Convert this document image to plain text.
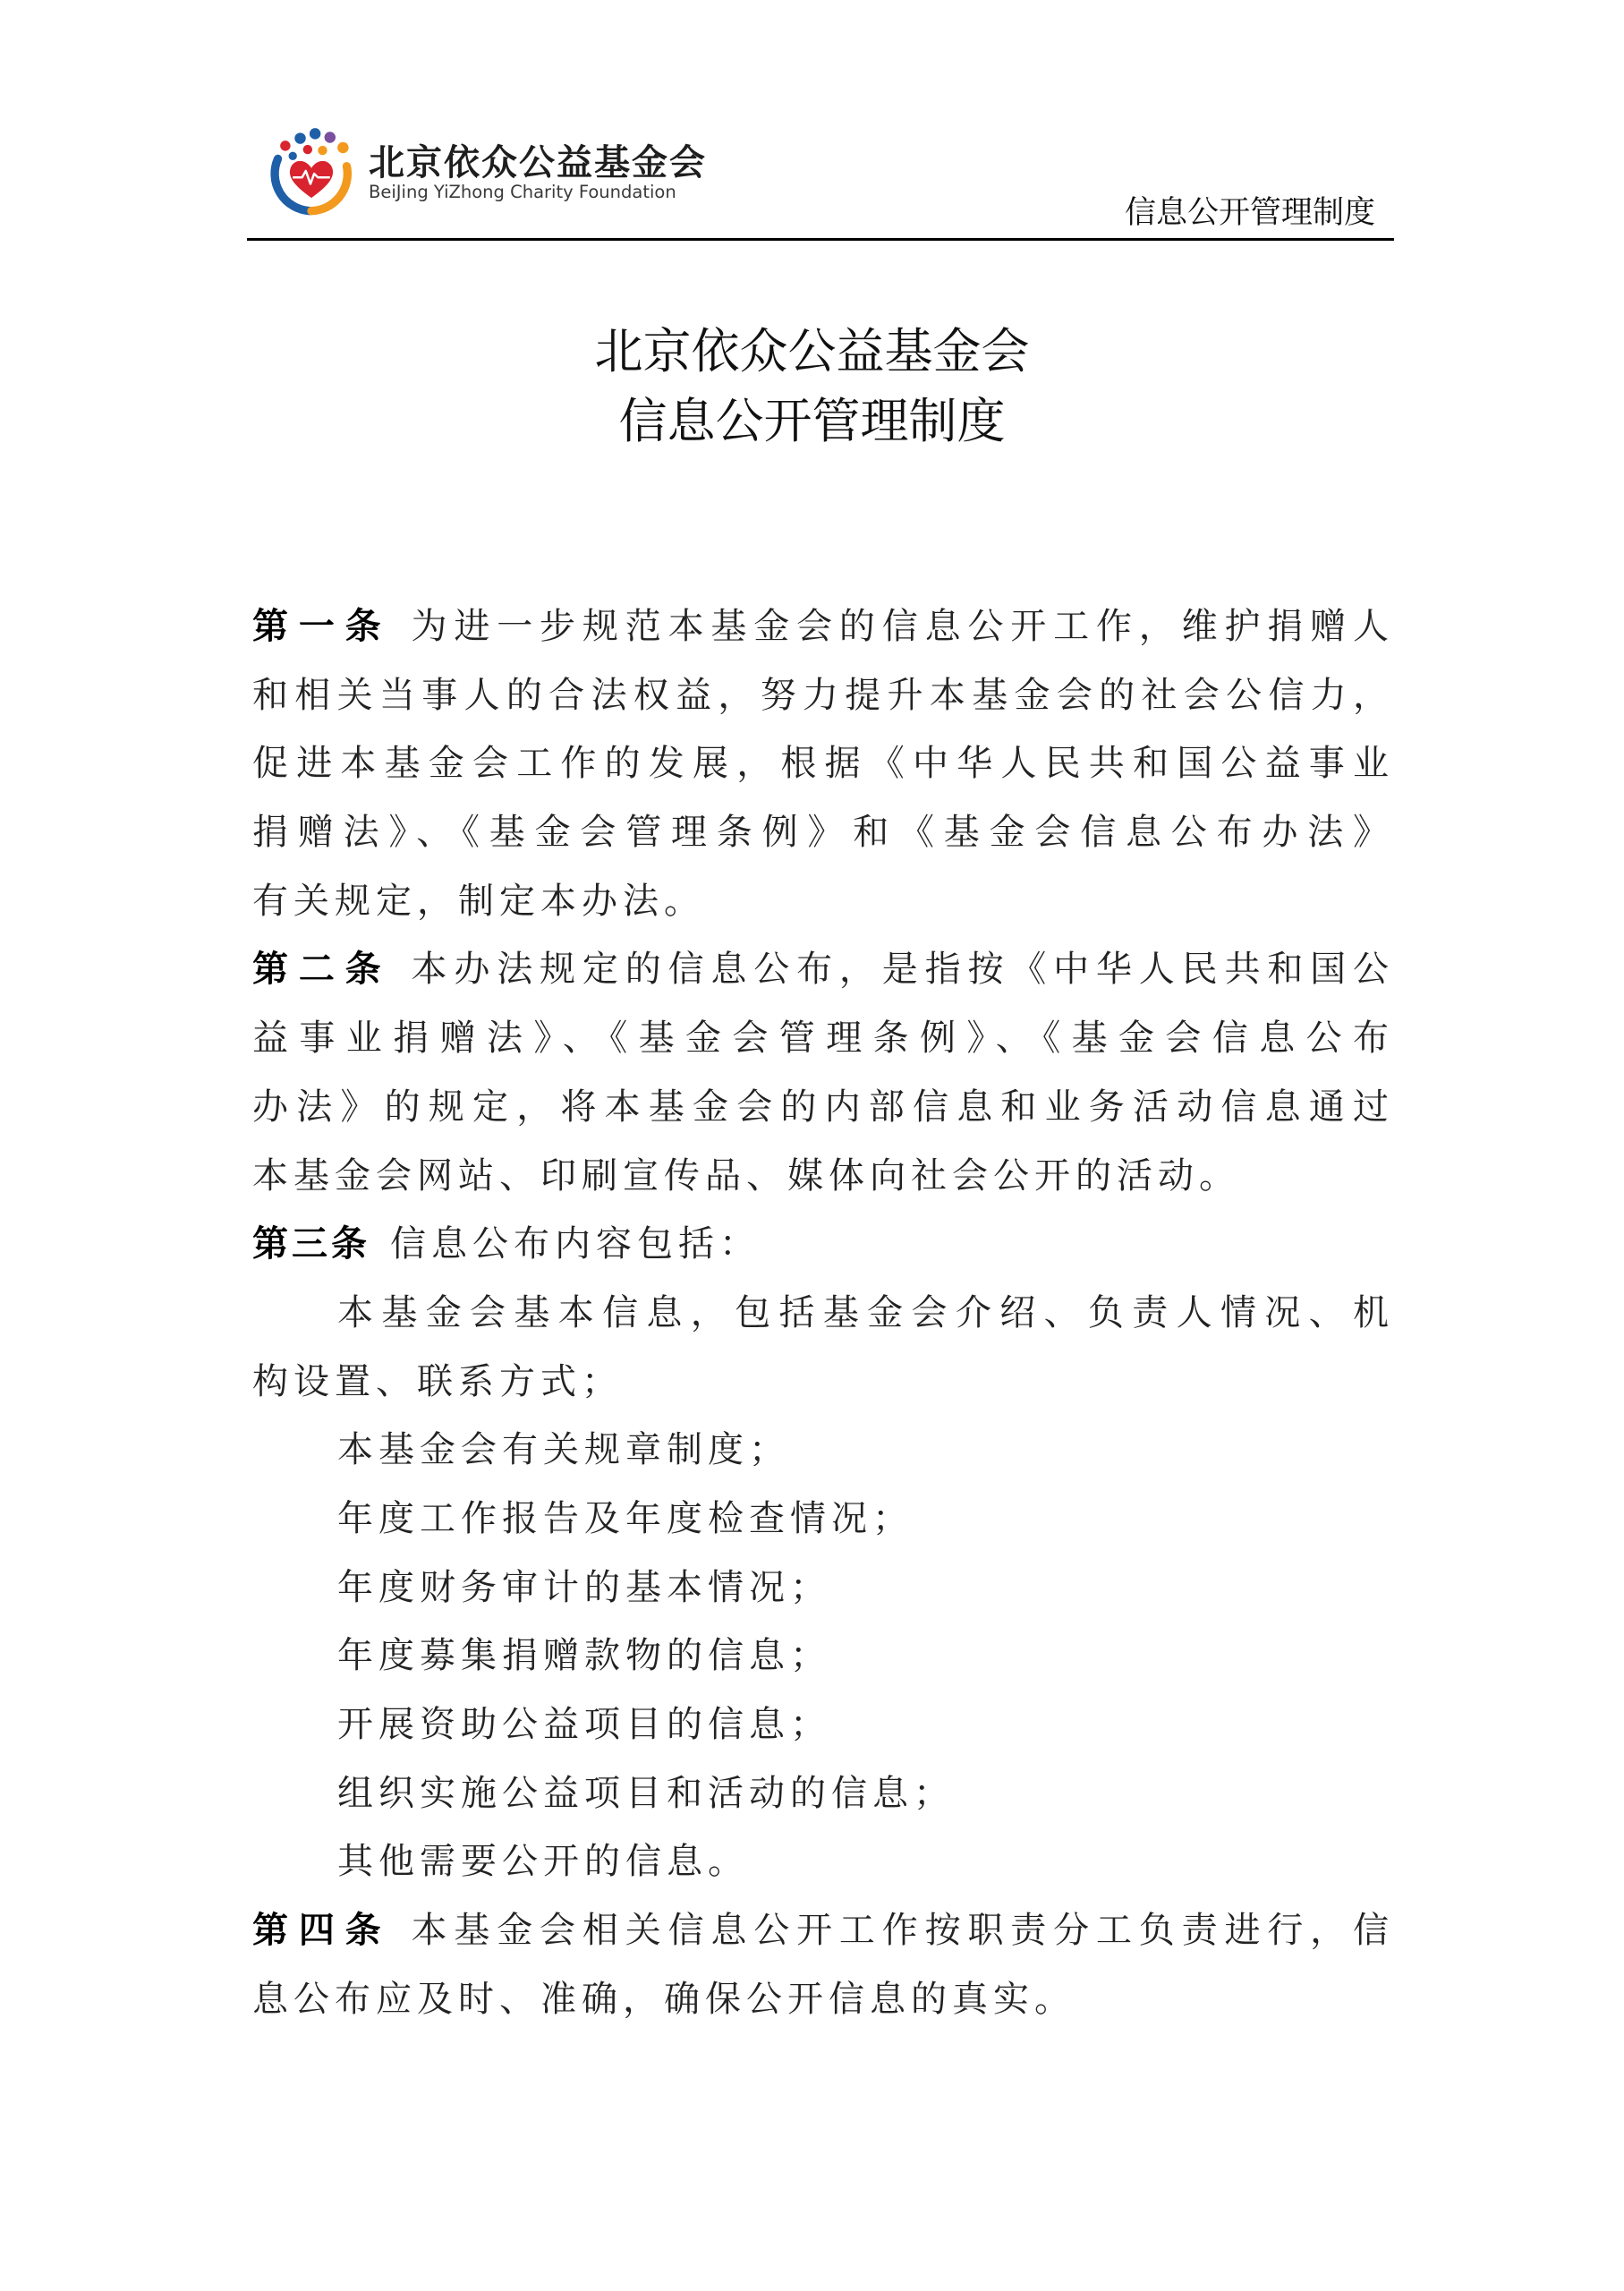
北京依众公益基金会
BeiJing YiZhong Charity Foundation
信息公开管理制度
北京依众公益基金会
信息公开管理制度
第一条 为进一步规范本基金会的信息公开工作，维护捐赠人
和相关当事人的合法权益，努力提升本基金会的社会公信力，
促进本基金会工作的发展，根据《中华人民共和国公益事业
捐赠法》、《基金会管理条例》和《基金会信息公布办法》
有关规定，制定本办法。
第二条 本办法规定的信息公布，是指按《中华人民共和国公
益事业捐赠法》、《基金会管理条例》、《基金会信息公布
办法》的规定，将本基金会的内部信息和业务活动信息通过
本基金会网站、印刷宣传品、媒体向社会公开的活动。
第三条 信息公布内容包括：
本基金会基本信息，包括基金会介绍、负责人情况、机
构设置、联系方式；
本基金会有关规章制度；
年度工作报告及年度检查情况；
年度财务审计的基本情况；
年度募集捐赠款物的信息；
开展资助公益项目的信息；
组织实施公益项目和活动的信息；
其他需要公开的信息。
第四条 本基金会相关信息公开工作按职责分工负责进行，信
息公布应及时、准确，确保公开信息的真实。
